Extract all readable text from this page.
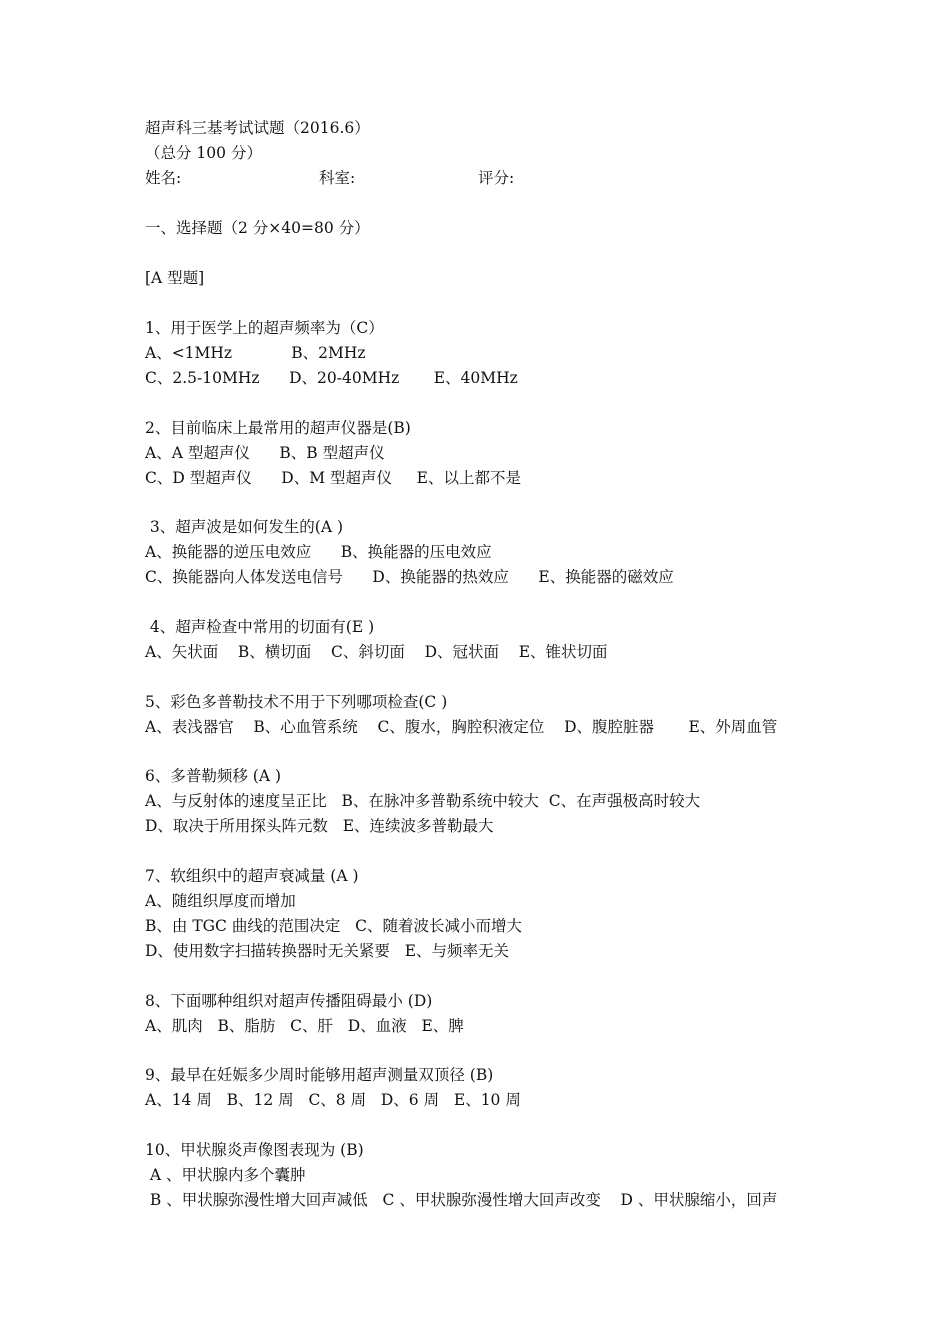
超声科三基考试试题（2016.6）
（总分 100 分）
姓名:	科室:	评分:
一、选择题（2 分×40=80 分）
[A 型题]
1、用于医学上的超声频率为（C）
A、<1MHz            B、2MHz
C、2.5-10MHz      D、20-40MHz       E、40MHz
2、目前临床上最常用的超声仪器是(B)
A、A 型超声仪      B、B 型超声仪
C、D 型超声仪      D、M 型超声仪     E、以上都不是
3、超声波是如何发生的(A )
A、换能器的逆压电效应      B、换能器的压电效应
C、换能器向人体发送电信号      D、换能器的热效应      E、换能器的磁效应
4、超声检查中常用的切面有(E )
A、矢状面    B、横切面    C、斜切面    D、冠状面    E、锥状切面
5、彩色多普勒技术不用于下列哪项检查(C )
A、表浅器官    B、心血管系统    C、腹水，胸腔积液定位    D、腹腔脏器       E、外周血管
6、多普勒频移 (A )
A、与反射体的速度呈正比   B、在脉冲多普勒系统中较大  C、在声强极高时较大
D、取决于所用探头阵元数   E、连续波多普勒最大
7、软组织中的超声衰减量 (A )
A、随组织厚度而增加
B、由 TGC 曲线的范围决定   C、随着波长减小而增大
D、使用数字扫描转换器时无关紧要   E、与频率无关
8、下面哪种组织对超声传播阻碍最小 (D)
A、肌肉   B、脂肪   C、肝   D、血液   E、脾
9、最早在妊娠多少周时能够用超声测量双顶径 (B)
A、14 周   B、12 周   C、8 周   D、6 周   E、10 周
10、甲状腺炎声像图表现为 (B)
A 、甲状腺内多个囊肿
B 、甲状腺弥漫性增大回声减低   C 、甲状腺弥漫性增大回声改变    D 、甲状腺缩小，回声
